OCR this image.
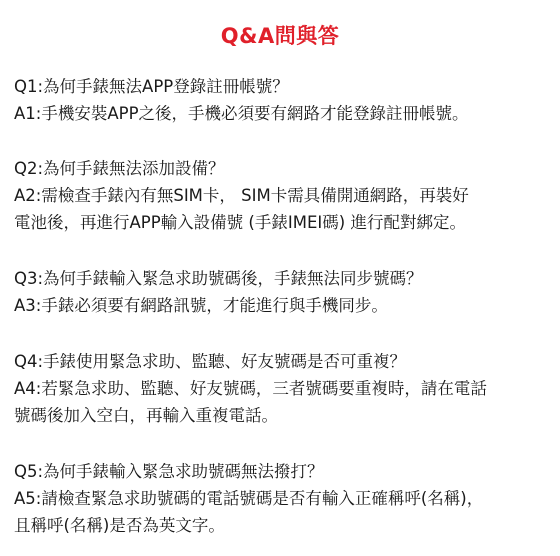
Q&A問與答

Q1:為何手錶無法APP登錄註冊帳號？

A1:手機安裝APP之後，手機必須要有網路才能登錄註冊帳號。

Q2:為何手錶無法添加設備？

A2:需檢查手錶內有無SIM卡， SIM卡需具備開通網路，再裝好

電池後，再進行APP輸入設備號 (手錶IMEI碼) 進行配對綁定。

Q3:為何手錶輸入緊急求助號碼後，手錶無法同步號碼？

A3:手錶必須要有網路訊號，才能進行與手機同步。

Q4:手錶使用緊急求助、監聽、好友號碼是否可重複？

A4:若緊急求助、監聽、好友號碼，三者號碼要重複時，請在電話

號碼後加入空白，再輸入重複電話。

Q5:為何手錶輸入緊急求助號碼無法撥打？

A5:請檢查緊急求助號碼的電話號碼是否有輸入正確稱呼(名稱)，

且稱呼(名稱)是否為英文字。
